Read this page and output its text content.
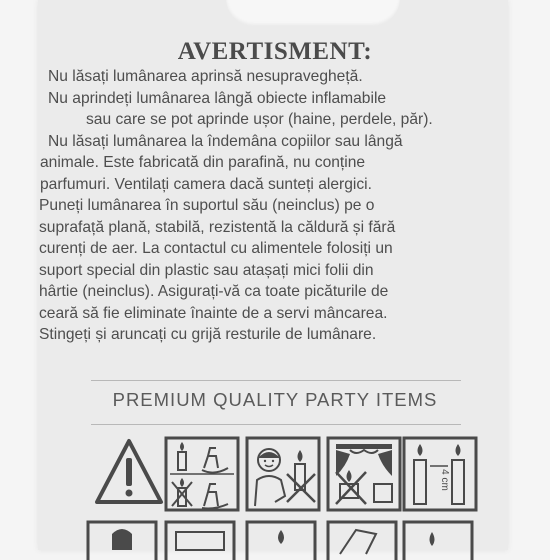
AVERTISMENT:
Nu lăsați lumânarea aprinsă nesupravegheță.
Nu aprindeți lumânarea lângă obiecte inflamabile
sau care se pot aprinde ușor (haine, perdele, păr).
Nu lăsați lumânarea la îndemâna copiilor sau lângă
animale. Este fabricată din parafină, nu conține
parfumuri. Ventilați camera dacă sunteți alergici.
Puneți lumânarea în suportul său (neinclus) pe o
suprafață plană, stabilă, rezistentă la căldură și fără
curenți de aer. La contactul cu alimentele folosiți un
suport special din plastic sau atașați mici folii din
hârtie (neinclus). Asigurați-vă ca toate picăturile de
ceară să fie eliminate înainte de a servi mâncarea.
Stingeți și aruncați cu grijă resturile de lumânare.
PREMIUM QUALITY PARTY ITEMS
4 cm
